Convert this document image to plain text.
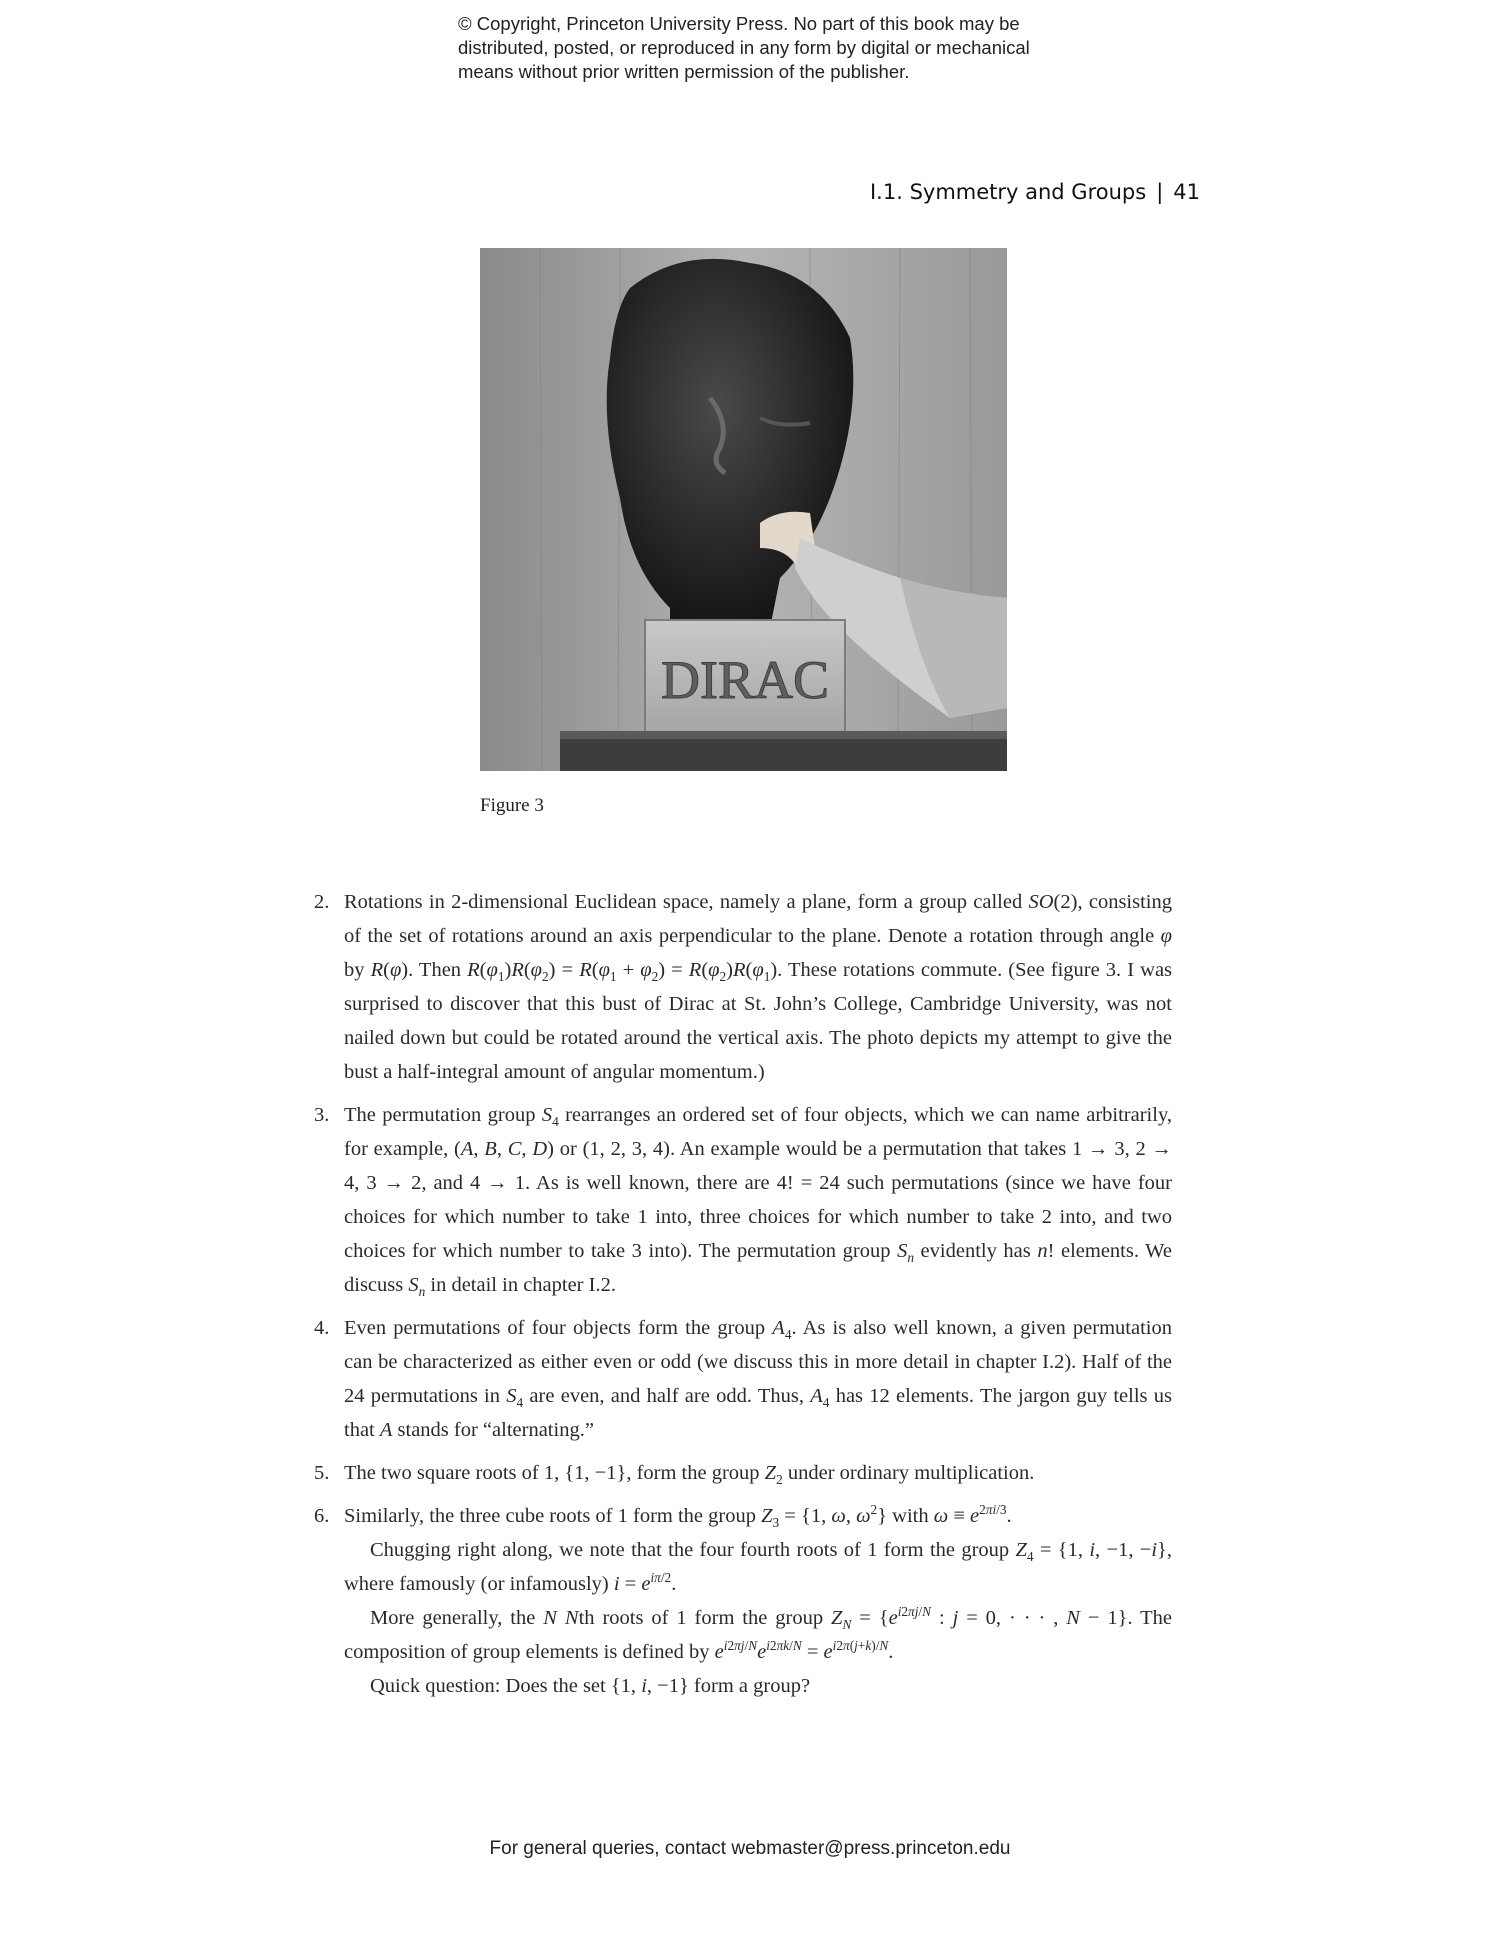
© Copyright, Princeton University Press. No part of this book may be distributed, posted, or reproduced in any form by digital or mechanical means without prior written permission of the publisher.
I.1. Symmetry and Groups | 41
DIRAC
Figure 3
2. Rotations in 2-dimensional Euclidean space, namely a plane, form a group called SO(2), consisting of the set of rotations around an axis perpendicular to the plane. Denote a rotation through angle φ by R(φ). Then $R(\varphi_1)R(\varphi_2) = R(\varphi_1 + \varphi_2) = R(\varphi_2)R(\varphi_1)$. These rotations commute. (See figure 3. I was surprised to discover that this bust of Dirac at St. John’s College, Cambridge University, was not nailed down but could be rotated around the vertical axis. The photo depicts my attempt to give the bust a half-integral amount of angular momentum.)
3. The permutation group $S_4$ rearranges an ordered set of four objects, which we can name arbitrarily, for example, (A, B, C, D) or (1, 2, 3, 4). An example would be a permutation that takes 1 → 3, 2 → 4, 3 → 2, and 4 → 1. As is well known, there are 4! = 24 such permutations (since we have four choices for which number to take 1 into, three choices for which number to take 2 into, and two choices for which number to take 3 into). The permutation group $S_n$ evidently has n! elements. We discuss $S_n$ in detail in chapter I.2.
4. Even permutations of four objects form the group $A_4$. As is also well known, a given permutation can be characterized as either even or odd (we discuss this in more detail in chapter I.2). Half of the 24 permutations in $S_4$ are even, and half are odd. Thus, $A_4$ has 12 elements. The jargon guy tells us that A stands for “alternating.”
5. The two square roots of 1, {1, −1}, form the group $Z_2$ under ordinary multiplication.
6. Similarly, the three cube roots of 1 form the group $Z_3 = \{1$, ω, $\omega^2$} with $\omega \equiv e^{2\pi i/3}$.

Chugging right along, we note that the four fourth roots of 1 form the group $Z_4 = \{1$, i, −1, −i}, where famously (or infamously) $i = e^{i\pi/2}$.

More generally, the N Nth roots of 1 form the group $Z_N = \{e^{i2\pi j/N}$ : j = 0, · · · , N − 1}. The composition of group elements is defined by $e^{i2\pi j/N}e^{i2\pi k/N} = e^{i2\pi(j+k)/N}$.

Quick question: Does the set {1, i, −1} form a group?

For general queries, contact webmaster@press.princeton.edu
